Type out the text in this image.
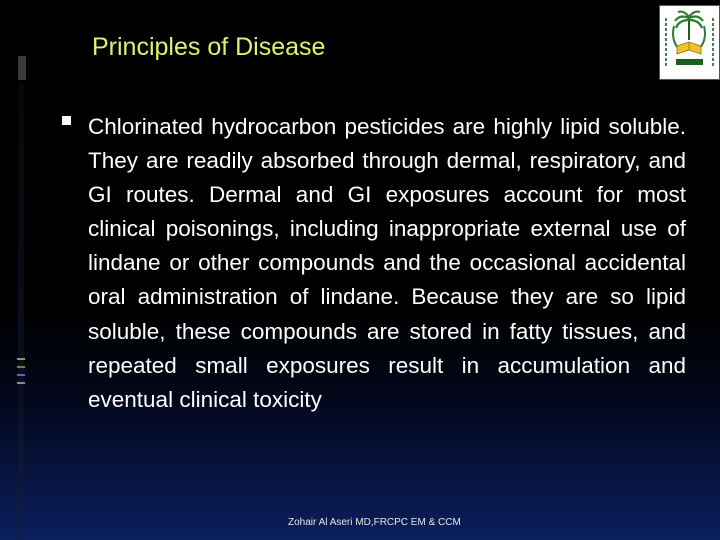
Principles of Disease
Chlorinated hydrocarbon pesticides are highly lipid soluble. They are readily absorbed through dermal, respiratory, and GI routes. Dermal and GI exposures account for most clinical poisonings, including inappropriate external use of lindane or other compounds and the occasional accidental oral administration of lindane. Because they are so lipid soluble, these compounds are stored in fatty tissues, and repeated small exposures result in accumulation and eventual clinical toxicity
Zohair Al Aseri MD,FRCPC EM & CCM
